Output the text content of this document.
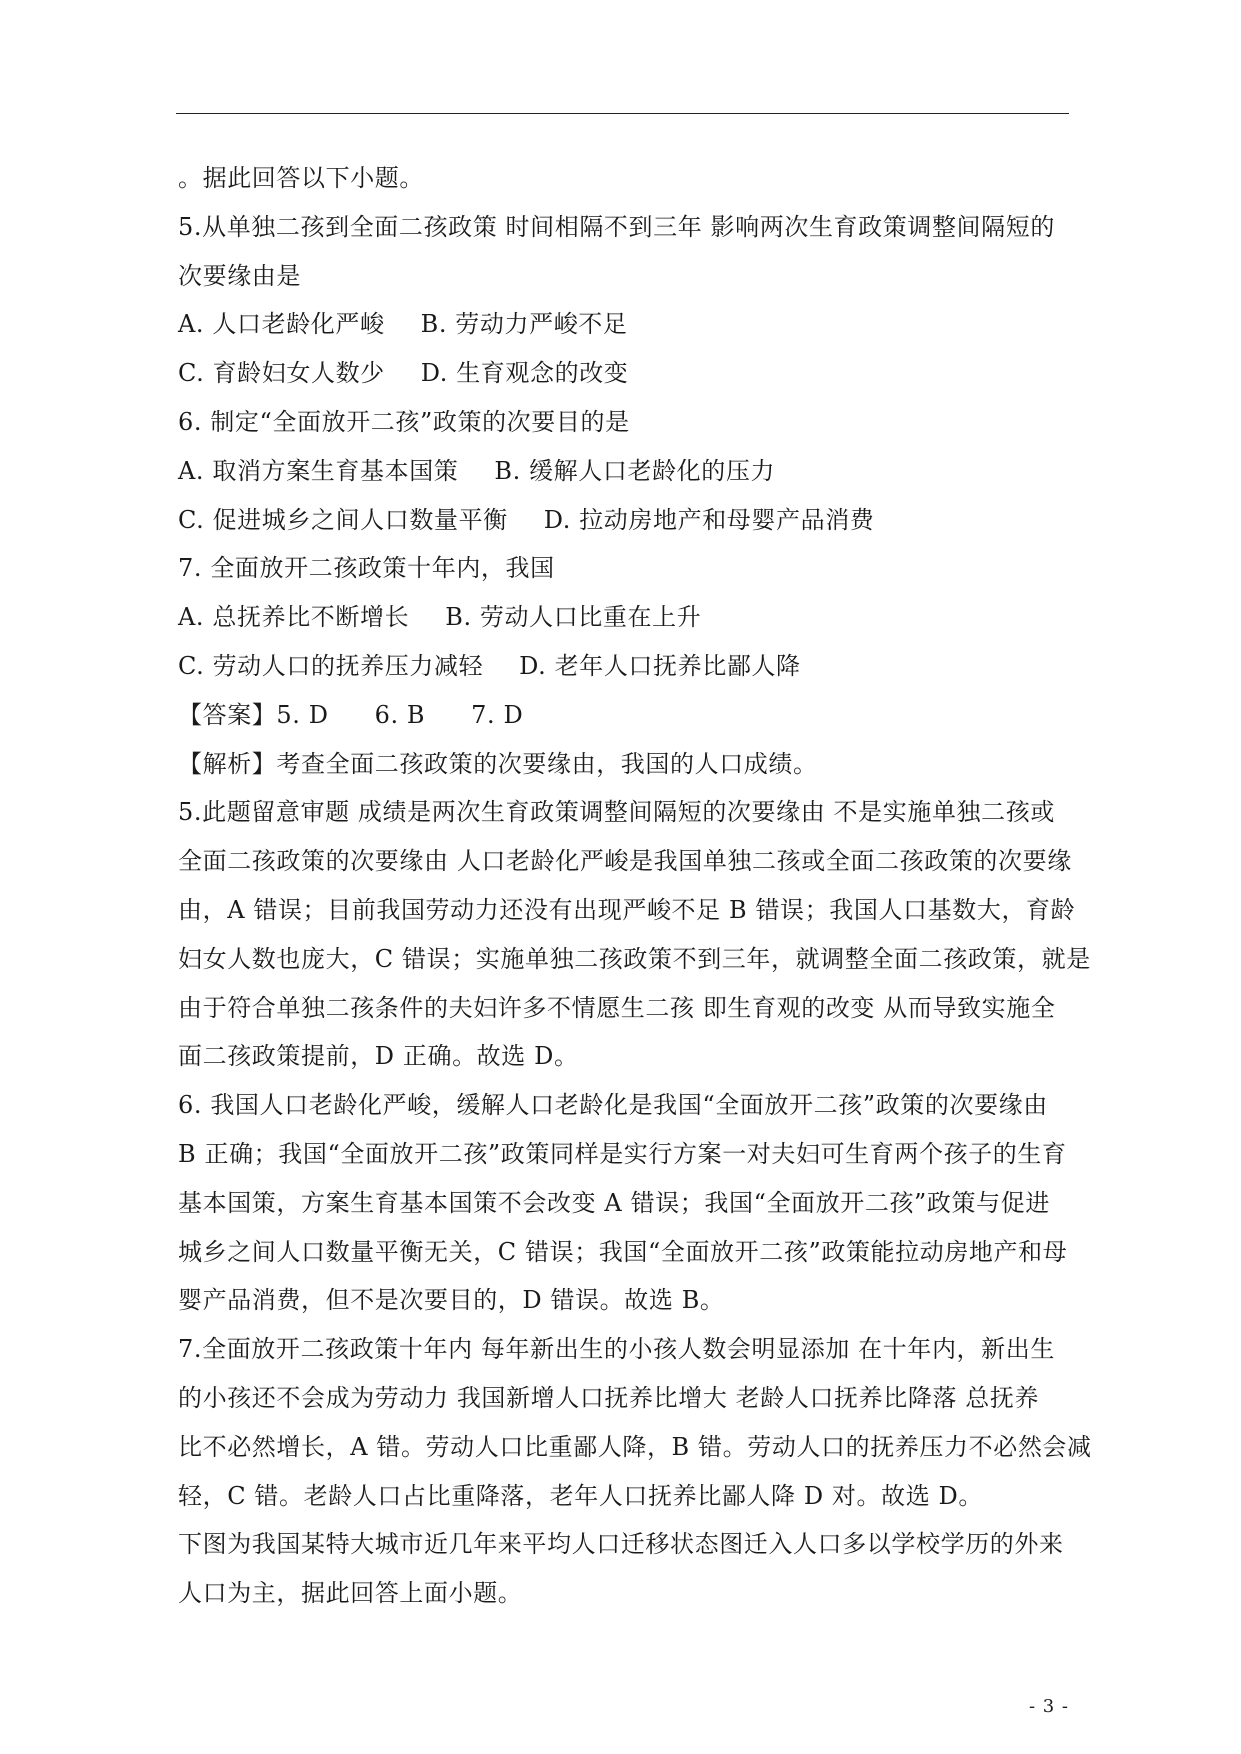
。据此回答以下小题。
5.从单独二孩到全面二孩政策 时间相隔不到三年 影响两次生育政策调整间隔短的
次要缘由是
A. 人口老龄化严峻 B. 劳动力严峻不足
C. 育龄妇女人数少 D. 生育观念的改变
6. 制定“全面放开二孩”政策的次要目的是
A. 取消方案生育基本国策 B. 缓解人口老龄化的压力
C. 促进城乡之间人口数量平衡 D. 拉动房地产和母婴产品消费
7. 全面放开二孩政策十年内，我国
A. 总抚养比不断增长 B. 劳动人口比重在上升
C. 劳动人口的抚养压力减轻 D. 老年人口抚养比鄙人降
【答案】5. D 6. B 7. D
【解析】考查全面二孩政策的次要缘由，我国的人口成绩。
5.此题留意审题 成绩是两次生育政策调整间隔短的次要缘由 不是实施单独二孩或
全面二孩政策的次要缘由 人口老龄化严峻是我国单独二孩或全面二孩政策的次要缘
由，A 错误；目前我国劳动力还没有出现严峻不足 B 错误；我国人口基数大，育龄
妇女人数也庞大，C 错误；实施单独二孩政策不到三年，就调整全面二孩政策，就是
由于符合单独二孩条件的夫妇许多不情愿生二孩 即生育观的改变 从而导致实施全
面二孩政策提前，D 正确。故选 D。
6. 我国人口老龄化严峻，缓解人口老龄化是我国“全面放开二孩”政策的次要缘由
B 正确；我国“全面放开二孩”政策同样是实行方案一对夫妇可生育两个孩子的生育
基本国策，方案生育基本国策不会改变 A 错误；我国“全面放开二孩”政策与促进
城乡之间人口数量平衡无关，C 错误；我国“全面放开二孩”政策能拉动房地产和母
婴产品消费，但不是次要目的，D 错误。故选 B。
7.全面放开二孩政策十年内 每年新出生的小孩人数会明显添加 在十年内，新出生
的小孩还不会成为劳动力 我国新增人口抚养比增大 老龄人口抚养比降落 总抚养
比不必然增长，A 错。劳动人口比重鄙人降，B 错。劳动人口的抚养压力不必然会减
轻，C 错。老龄人口占比重降落，老年人口抚养比鄙人降 D 对。故选 D。
下图为我国某特大城市近几年来平均人口迁移状态图迁入人口多以学校学历的外来
人口为主，据此回答上面小题。
- 3 -
